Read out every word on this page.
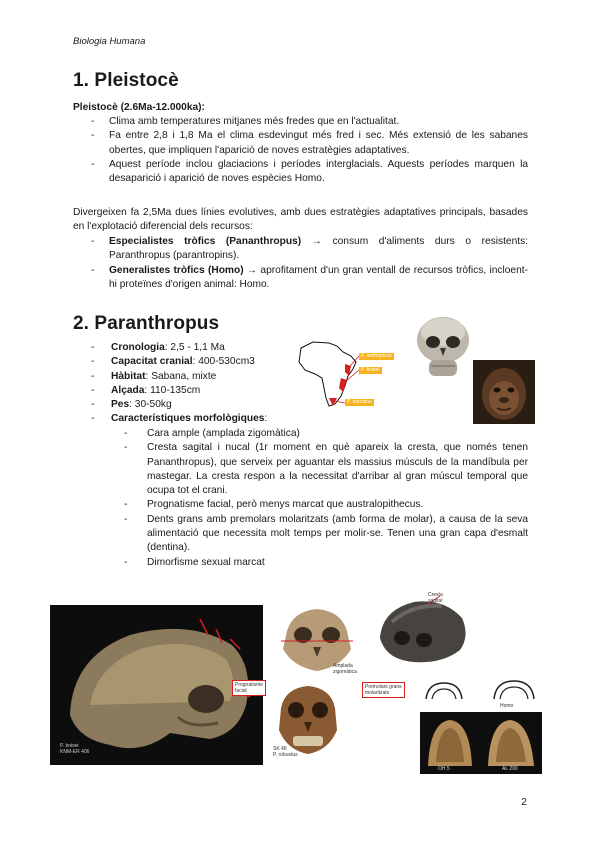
Biologia Humana
1. Pleistocè
Pleistocè (2.6Ma-12.000ka):
- Clima amb temperatures mitjanes més fredes que en l'actualitat.
- Fa entre 2,8 i 1,8 Ma el clima esdevingut més fred i sec. Més extensió de les sabanes obertes, que impliquen l'aparició de noves estratègies adaptatives.
- Aquest període inclou glaciacions i períodes interglacials. Aquests períodes marquen la desaparició i aparició de noves espècies Homo.
Divergeixen fa 2,5Ma dues línies evolutives, amb dues estratègies adaptatives principals, basades en l'explotació diferencial dels recursos:
- Especialistes tròfics (Pananthropus) → consum d'aliments durs o resistents: Paranthropus (parantropins).
- Generalistes tròfics (Homo) → aprofitament d'un gran ventall de recursos tròfics, incloent-hi proteïnes d'origen animal: Homo.
2. Paranthropus
- Cronologia: 2,5 - 1,1 Ma
- Capacitat cranial: 400-530cm3
- Hàbitat: Sabana, mixte
- Alçada: 110-135cm
- Pes: 30-50kg
- Característiques morfològiques:
- Cara ample (amplada zigomàtica)
- Cresta sagital i nucal (1r moment en què apareix la cresta, que només tenen Pananthropus), que serveix per aguantar els massius músculs de la mandíbula per mastegar. La cresta respon a la necessitat d'arribar al gran múscul temporal que ocupa tot el crani.
- Prognatisme facial, però menys marcat que australopithecus.
- Dents grans amb premolars molaritzats (amb forma de molar), a causa de la seva alimentació que necessita molt temps per molir-se. Tenen una gran capa d'esmalt (dentina).
- Dimorfisme sexual marcat
P. aethiopicus
P. boisei
P. robustus
P. boisei
KNM-ER 406
Prognatisme
facial
Amplada
zigomàtica
Cresta
sagital
Homo
SK 48
P. robustus
Premolars grans
molaritzats
OH 5	AL 200
2
